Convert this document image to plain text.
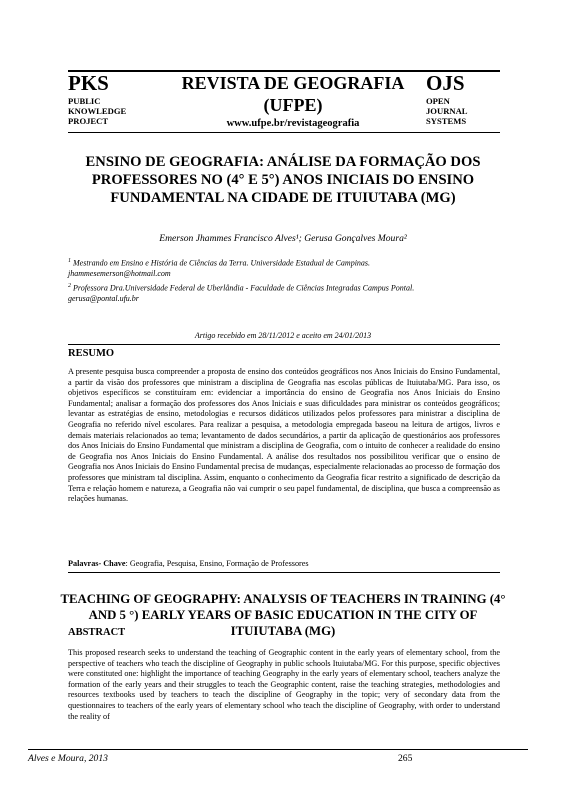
PKS
PUBLIC
KNOWLEDGE
PROJECT
REVISTA DE GEOGRAFIA
(UFPE)
www.ufpe.br/revistageografia
OJS
OPEN
JOURNAL
SYSTEMS
ENSINO DE GEOGRAFIA: ANÁLISE DA FORMAÇÃO DOS PROFESSORES NO (4° E 5°) ANOS INICIAIS DO ENSINO FUNDAMENTAL NA CIDADE DE ITUIUTABA (MG)
Emerson Jhammes Francisco Alves¹; Gerusa Gonçalves Moura²
$^1$ Mestrando em Ensino e História de Ciências da Terra. Universidade Estadual de Campinas.
jhammesemerson@hotmail.com
$^2$ Professora Dra.Universidade Federal de Uberlândia - Faculdade de Ciências Integradas Campus Pontal.
gerusa@pontal.ufu.br
Artigo recebido em 28/11/2012 e aceito em 24/01/2013
RESUMO
A presente pesquisa busca compreender a proposta de ensino dos conteúdos geográficos nos Anos Iniciais do Ensino Fundamental, a partir da visão dos professores que ministram a disciplina de Geografia nas escolas públicas de Ituiutaba/MG. Para isso, os objetivos específicos se constituíram em: evidenciar a importância do ensino de Geografia nos Anos Iniciais do Ensino Fundamental; analisar a formação dos professores dos Anos Iniciais e suas dificuldades para ministrar os conteúdos geográficos; levantar as estratégias de ensino, metodologias e recursos didáticos utilizados pelos professores para ministrar a disciplina de Geografia no referido nível escolares. Para realizar a pesquisa, a metodologia empregada baseou na leitura de artigos, livros e demais materiais relacionados ao tema; levantamento de dados secundários, a partir da aplicação de questionários aos professores dos Anos Iniciais do Ensino Fundamental que ministram a disciplina de Geografia, com o intuito de conhecer a realidade do ensino de Geografia nos Anos Iniciais do Ensino Fundamental. A análise dos resultados nos possibilitou verificar que o ensino de Geografia nos Anos Iniciais do Ensino Fundamental precisa de mudanças, especialmente relacionadas ao processo de formação dos professores que ministram tal disciplina. Assim, enquanto o conhecimento da Geografia ficar restrito a significado de descrição da Terra e relação homem e natureza, a Geografia não vai cumprir o seu papel fundamental, de disciplina, que busca a compreensão as relações humanas.
Palavras- Chave: Geografia, Pesquisa, Ensino, Formação de Professores
TEACHING OF GEOGRAPHY: ANALYSIS OF TEACHERS IN TRAINING (4° AND 5 °) EARLY YEARS OF BASIC EDUCATION IN THE CITY OF ITUIUTABA (MG)
ABSTRACT
This proposed research seeks to understand the teaching of Geographic content in the early years of elementary school, from the perspective of teachers who teach the discipline of Geography in public schools Ituiutaba/MG. For this purpose, specific objectives were constituted one: highlight the importance of teaching Geography in the early years of elementary school, teachers analyze the formation of the early years and their struggles to teach the Geographic content, raise the teaching strategies, methodologies and resources textbooks used by teachers to teach the discipline of Geography in the topic; very of secondary data from the questionnaires to teachers of the early years of elementary school who teach the discipline of Geography, with order to understand the reality of
Alves e Moura, 2013	265
